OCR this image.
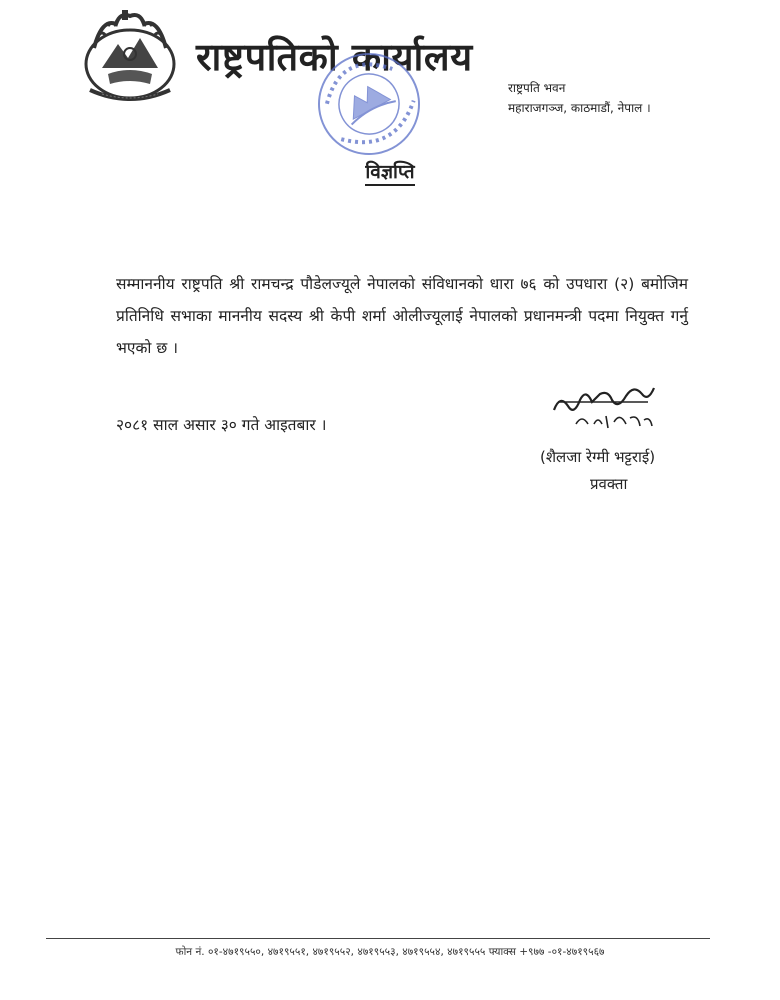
राष्ट्रपतिको कार्यालय
राष्ट्रपति भवन
महाराजगञ्ज, काठमाडौं, नेपाल ।
विज्ञप्ति
सम्माननीय राष्ट्रपति श्री रामचन्द्र पौडेलज्यूले नेपालको संविधानको धारा ७६ को उपधारा (२) बमोजिम प्रतिनिधि सभाका माननीय सदस्य श्री केपी शर्मा ओलीज्यूलाई नेपालको प्रधानमन्त्री पदमा नियुक्त गर्नु भएको छ ।
२०८१ साल असार ३० गते आइतबार ।
(शैलजा रेग्मी भट्टराई)
प्रवक्ता
फोन नं. ०१-४७१९५५०, ४७१९५५१, ४७१९५५२, ४७१९५५३, ४७१९५५४, ४७१९५५५ फ्याक्स +९७७ -०१-४७१९५६७
